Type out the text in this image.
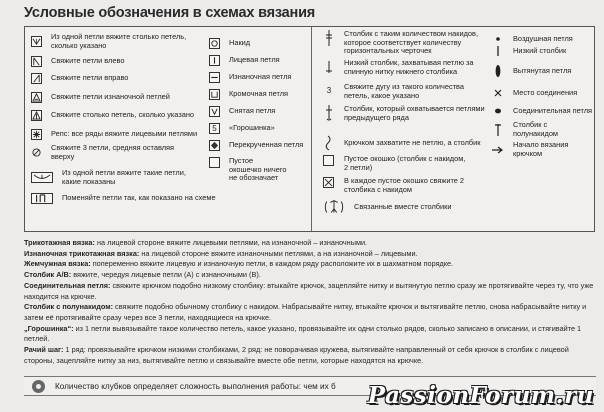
Условные обозначения в схемах вязания
Из одной петли вяжите столько петель,
сколько указано
Свяжите петли влево
Свяжите петли вправо
Свяжите петли изнаночной петлей
Свяжите столько петель, сколько указано
Репс: все ряды вяжите лицевыми петлями
Свяжите 3 петли, средняя оставляя
вверху
Из одной петли вяжите такие петли,
какие показаны
Поменяйте петли так, как показано на схеме
Накид
Лицевая петля
Изнаночная петля
Кромочная петля
Снятая петля
5	«Горошинка»
Перекрученная петля
Пустое
окошечко ничего
не обозначает
Столбик с таким количеством накидов,
которое соответствует количеству
горизонтальных черточек
Низкий столбик, захватывая петлю за
спинную нитку нижнего столбика
3	Свяжите дугу из такого количества
петель, какое указано
Столбик, который охватывается петлями
предыдущего ряда
Крючком захватите не петлю, а столбик
Пустое окошко (столбик с накидом,
2 петли)
В каждое пустое окошко свяжите 2
столбика с накидом
Связанные вместе столбики
Воздушная петля
Низкий столбик
Вытянутая петля
Место соединения
Соединительная петля
Столбик с полунакидом
Начало вязания крючком

Трикотажная вязка: на лицевой стороне вяжите лицевыми петлями, на изнаночной – изнаночными.

Изнаночная трикотажная вязка: на лицевой стороне вяжите изнаночными петлями, а на изнаночной – лицевыми.

Жемчужная вязка: попеременно вяжите лицевую и изнаночную петли, в каждом ряду расположите их в шахматном порядке.

Столбик А/В: вяжите, чередуя лицевые петли (А) с изнаночными (В).

Соединительная петля: свяжите крючком подобно низкому столбику: втыкайте крючок, зацепляйте нитку и вытянутую петлю сразу же протягивайте через ту, что уже находится на крючке.

Столбик с полунакидом: свяжите подобно обычному столбику с накидом. Набрасывайте нитку, втыкайте крючок и вытягивайте петлю, снова набрасывайте нитку и затем её протягивайте сразу через все 3 петли, находящиеся на крючке.

„Горошинка“: из 1 петли вывязывайте такое количество петель, какое указано, провязывайте их одни столько рядов, сколько записано в описании, и стягивайте 1 петлей.

Рачий шаг: 1 ряд: провязывайте крючком низкими столбиками, 2 ряд: не поворачивая кружева, вытягивайте направленный от себя крючок в столбик с лицевой стороны, зацепляйте нитку за низ, вытягивайте петлю и связывайте вместе обе петли, которые находятся на крючке.

Количество клубков определяет сложность выполнения работы: чем их б PassionForum.ru
